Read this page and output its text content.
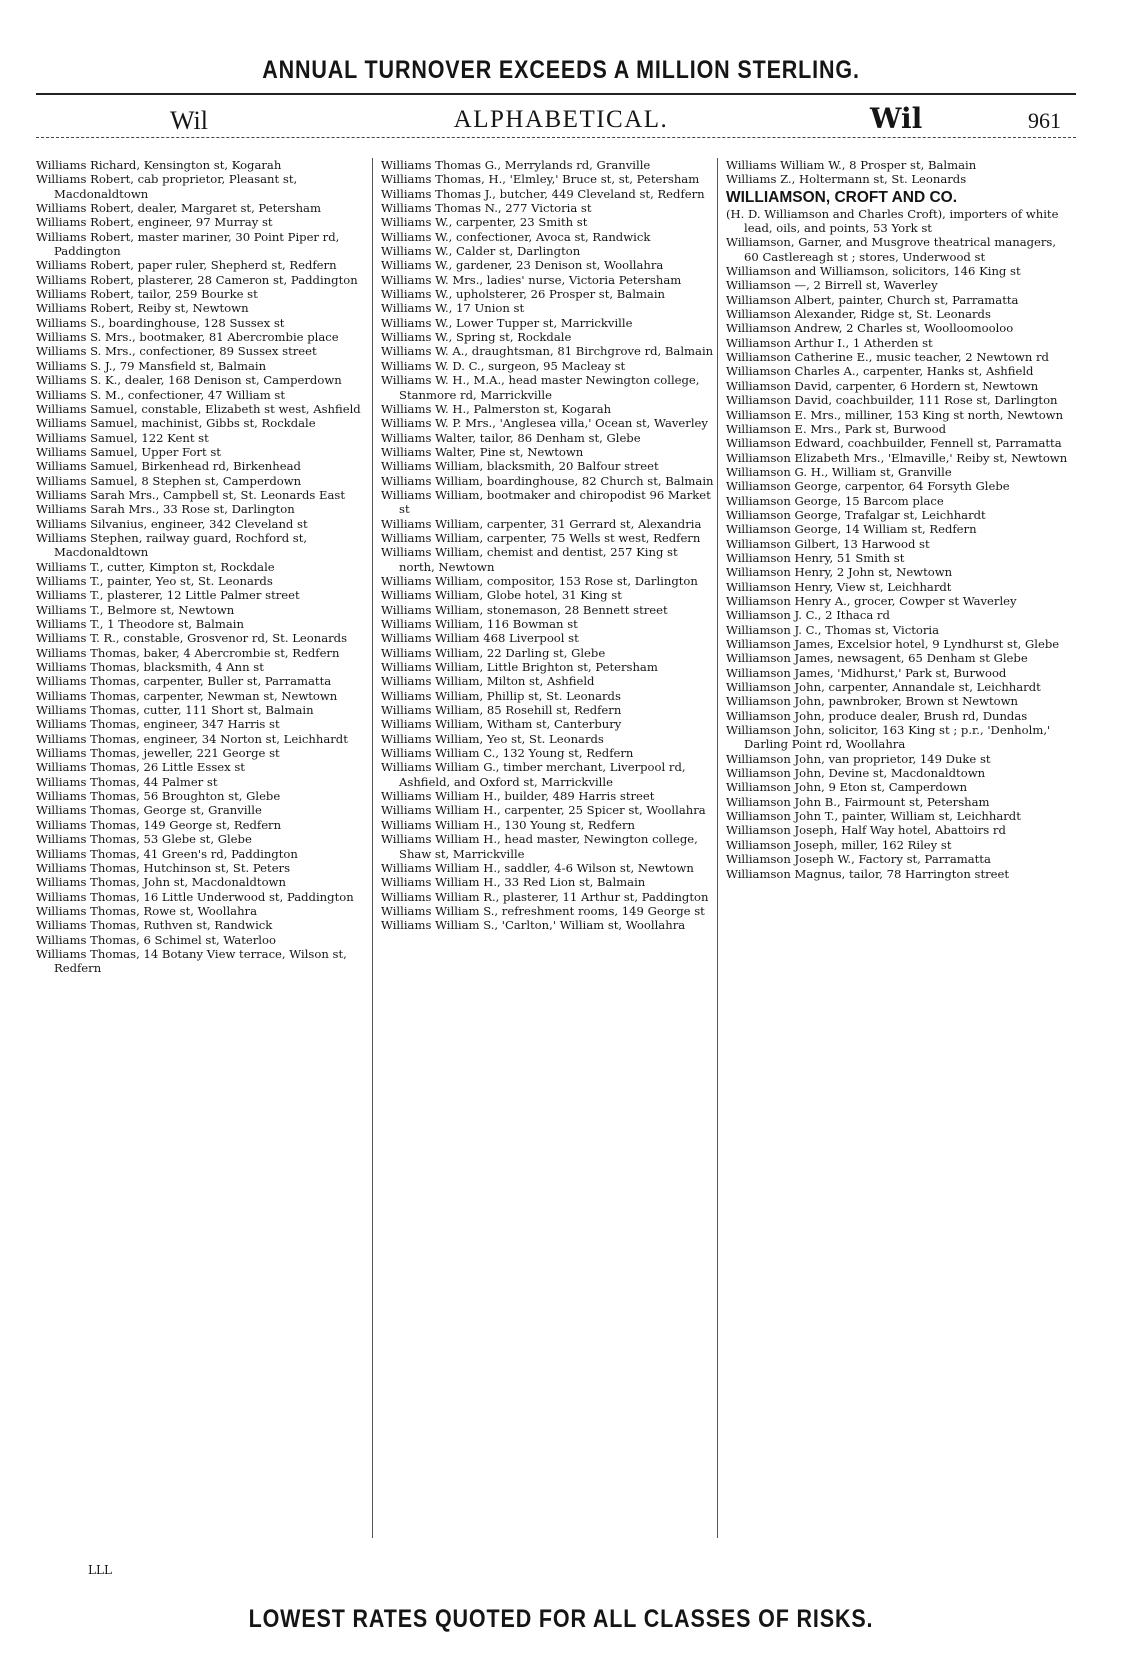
ANNUAL TURNOVER EXCEEDS A MILLION STERLING.
Wil	ALPHABETICAL.	Wil	961

Williams Richard, Kensington st, Kogarah

Williams Robert, cab proprietor, Pleasant st, Macdonaldtown

Williams Robert, dealer, Margaret st, Petersham

Williams Robert, engineer, 97 Murray st

Williams Robert, master mariner, 30 Point Piper rd, Paddington

Williams Robert, paper ruler, Shepherd st, Redfern

Williams Robert, plasterer, 28 Cameron st, Paddington

Williams Robert, tailor, 259 Bourke st

Williams Robert, Reiby st, Newtown

Williams S., boardinghouse, 128 Sussex st

Williams S. Mrs., bootmaker, 81 Abercrombie place

Williams S. Mrs., confectioner, 89 Sussex street

Williams S. J., 79 Mansfield st, Balmain

Williams S. K., dealer, 168 Denison st, Camperdown

Williams S. M., confectioner, 47 William st

Williams Samuel, constable, Elizabeth st west, Ashfield

Williams Samuel, machinist, Gibbs st, Rockdale

Williams Samuel, 122 Kent st

Williams Samuel, Upper Fort st

Williams Samuel, Birkenhead rd, Birkenhead

Williams Samuel, 8 Stephen st, Camperdown

Williams Sarah Mrs., Campbell st, St. Leonards East

Williams Sarah Mrs., 33 Rose st, Darlington

Williams Silvanius, engineer, 342 Cleveland st

Williams Stephen, railway guard, Rochford st, Macdonaldtown

Williams T., cutter, Kimpton st, Rockdale

Williams T., painter, Yeo st, St. Leonards

Williams T., plasterer, 12 Little Palmer street

Williams T., Belmore st, Newtown

Williams T., 1 Theodore st, Balmain

Williams T. R., constable, Grosvenor rd, St. Leonards

Williams Thomas, baker, 4 Abercrombie st, Redfern

Williams Thomas, blacksmith, 4 Ann st

Williams Thomas, carpenter, Buller st, Parramatta

Williams Thomas, carpenter, Newman st, Newtown

Williams Thomas, cutter, 111 Short st, Balmain

Williams Thomas, engineer, 347 Harris st

Williams Thomas, engineer, 34 Norton st, Leichhardt

Williams Thomas, jeweller, 221 George st

Williams Thomas, 26 Little Essex st

Williams Thomas, 44 Palmer st

Williams Thomas, 56 Broughton st, Glebe

Williams Thomas, George st, Granville

Williams Thomas, 149 George st, Redfern

Williams Thomas, 53 Glebe st, Glebe

Williams Thomas, 41 Green's rd, Paddington

Williams Thomas, Hutchinson st, St. Peters

Williams Thomas, John st, Macdonaldtown

Williams Thomas, 16 Little Underwood st, Paddington

Williams Thomas, Rowe st, Woollahra

Williams Thomas, Ruthven st, Randwick

Williams Thomas, 6 Schimel st, Waterloo

Williams Thomas, 14 Botany View terrace, Wilson st, Redfern

Williams Thomas G., Merrylands rd, Granville

Williams Thomas, H., 'Elmley,' Bruce st, st, Petersham

Williams Thomas J., butcher, 449 Cleveland st, Redfern

Williams Thomas N., 277 Victoria st

Williams W., carpenter, 23 Smith st

Williams W., confectioner, Avoca st, Randwick

Williams W., Calder st, Darlington

Williams W., gardener, 23 Denison st, Woollahra

Williams W. Mrs., ladies' nurse, Victoria Petersham

Williams W., upholsterer, 26 Prosper st, Balmain

Williams W., 17 Union st

Williams W., Lower Tupper st, Marrickville

Williams W., Spring st, Rockdale

Williams W. A., draughtsman, 81 Birchgrove rd, Balmain

Williams W. D. C., surgeon, 95 Macleay st

Williams W. H., M.A., head master Newington college, Stanmore rd, Marrickville

Williams W. H., Palmerston st, Kogarah

Williams W. P. Mrs., 'Anglesea villa,' Ocean st, Waverley

Williams Walter, tailor, 86 Denham st, Glebe

Williams Walter, Pine st, Newtown

Williams William, blacksmith, 20 Balfour street

Williams William, boardinghouse, 82 Church st, Balmain

Williams William, bootmaker and chiropodist 96 Market st

Williams William, carpenter, 31 Gerrard st, Alexandria

Williams William, carpenter, 75 Wells st west, Redfern

Williams William, chemist and dentist, 257 King st north, Newtown

Williams William, compositor, 153 Rose st, Darlington

Williams William, Globe hotel, 31 King st

Williams William, stonemason, 28 Bennett street

Williams William, 116 Bowman st

Williams William 468 Liverpool st

Williams William, 22 Darling st, Glebe

Williams William, Little Brighton st, Petersham

Williams William, Milton st, Ashfield

Williams William, Phillip st, St. Leonards

Williams William, 85 Rosehill st, Redfern

Williams William, Witham st, Canterbury

Williams William, Yeo st, St. Leonards

Williams William C., 132 Young st, Redfern

Williams William G., timber merchant, Liverpool rd, Ashfield, and Oxford st, Marrickville

Williams William H., builder, 489 Harris street

Williams William H., carpenter, 25 Spicer st, Woollahra

Williams William H., 130 Young st, Redfern

Williams William H., head master, Newington college, Shaw st, Marrickville

Williams William H., saddler, 4-6 Wilson st, Newtown

Williams William H., 33 Red Lion st, Balmain

Williams William R., plasterer, 11 Arthur st, Paddington

Williams William S., refreshment rooms, 149 George st

Williams William S., 'Carlton,' William st, Woollahra

Williams William W., 8 Prosper st, Balmain

Williams Z., Holtermann st, St. Leonards

WILLIAMSON, CROFT AND CO.

(H. D. Williamson and Charles Croft), importers of white lead, oils, and points, 53 York st

Williamson, Garner, and Musgrove theatrical managers, 60 Castlereagh st ; stores, Underwood st

Williamson and Williamson, solicitors, 146 King st

Williamson —, 2 Birrell st, Waverley

Williamson Albert, painter, Church st, Parramatta

Williamson Alexander, Ridge st, St. Leonards

Williamson Andrew, 2 Charles st, Woolloomooloo

Williamson Arthur I., 1 Atherden st

Williamson Catherine E., music teacher, 2 Newtown rd

Williamson Charles A., carpenter, Hanks st, Ashfield

Williamson David, carpenter, 6 Hordern st, Newtown

Williamson David, coachbuilder, 111 Rose st, Darlington

Williamson E. Mrs., milliner, 153 King st north, Newtown

Williamson E. Mrs., Park st, Burwood

Williamson Edward, coachbuilder, Fennell st, Parramatta

Williamson Elizabeth Mrs., 'Elmaville,' Reiby st, Newtown

Williamson G. H., William st, Granville

Williamson George, carpentor, 64 Forsyth Glebe

Williamson George, 15 Barcom place

Williamson George, Trafalgar st, Leichhardt

Williamson George, 14 William st, Redfern

Williamson Gilbert, 13 Harwood st

Williamson Henry, 51 Smith st

Williamson Henry, 2 John st, Newtown

Williamson Henry, View st, Leichhardt

Williamson Henry A., grocer, Cowper st Waverley

Williamson J. C., 2 Ithaca rd

Williamson J. C., Thomas st, Victoria

Williamson James, Excelsior hotel, 9 Lyndhurst st, Glebe

Williamson James, newsagent, 65 Denham st Glebe

Williamson James, 'Midhurst,' Park st, Burwood

Williamson John, carpenter, Annandale st, Leichhardt

Williamson John, pawnbroker, Brown st Newtown

Williamson John, produce dealer, Brush rd, Dundas

Williamson John, solicitor, 163 King st ; p.r., 'Denholm,' Darling Point rd, Woollahra

Williamson John, van proprietor, 149 Duke st

Williamson John, Devine st, Macdonaldtown

Williamson John, 9 Eton st, Camperdown

Williamson John B., Fairmount st, Petersham

Williamson John T., painter, William st, Leichhardt

Williamson Joseph, Half Way hotel, Abattoirs rd

Williamson Joseph, miller, 162 Riley st

Williamson Joseph W., Factory st, Parramatta

Williamson Magnus, tailor, 78 Harrington street

LLL
LOWEST RATES QUOTED FOR ALL CLASSES OF RISKS.
